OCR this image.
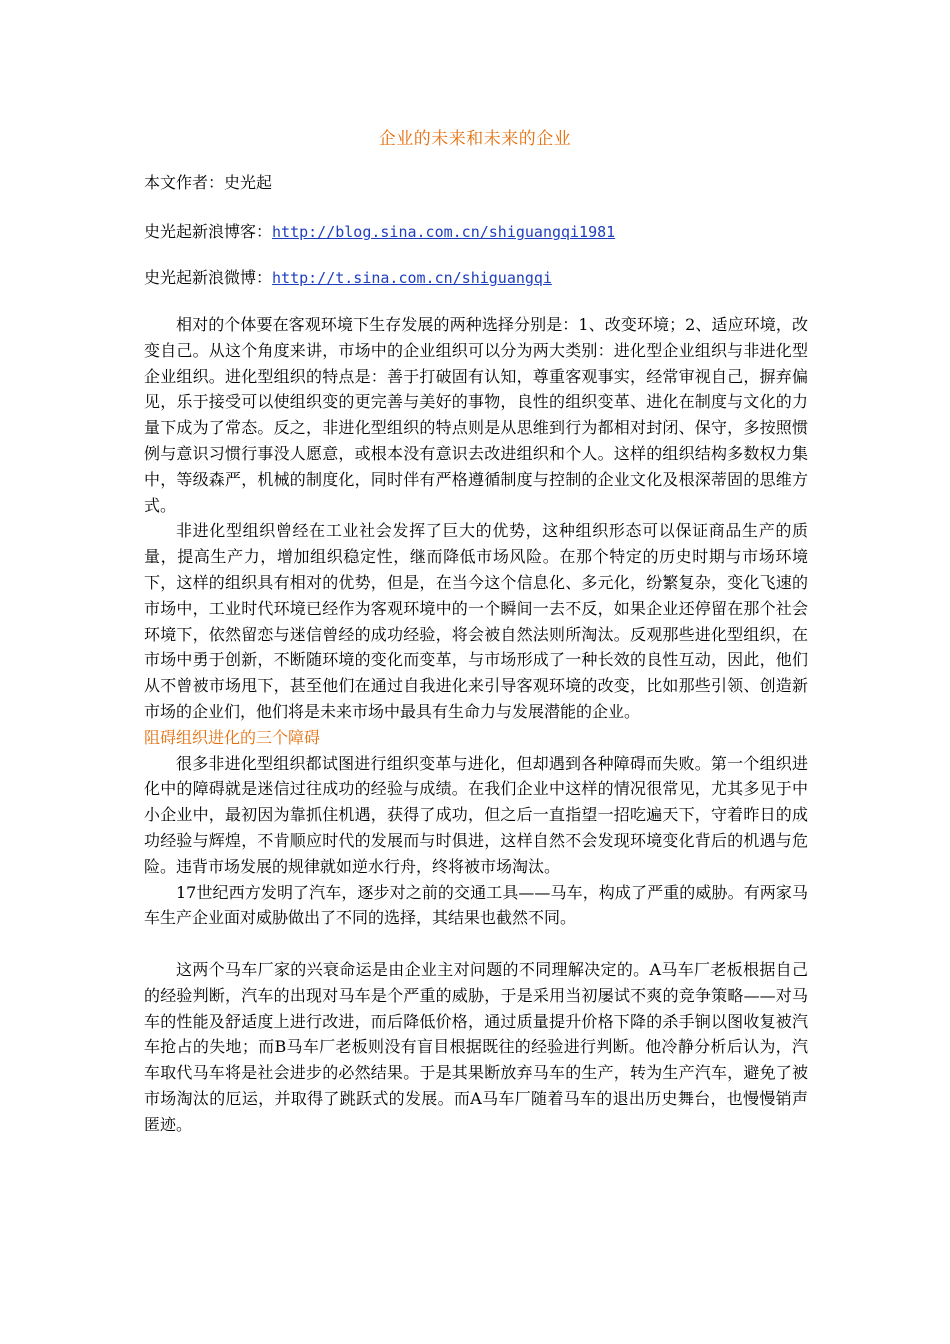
企业的未来和未来的企业
本文作者：史光起
史光起新浪博客：http://blog.sina.com.cn/shiguangqi1981
史光起新浪微博：http://t.sina.com.cn/shiguangqi

相对的个体要在客观环境下生存发展的两种选择分别是：1、改变环境；2、适应环境，改变自己。从这个角度来讲，市场中的企业组织可以分为两大类别：进化型企业组织与非进化型企业组织。进化型组织的特点是：善于打破固有认知，尊重客观事实，经常审视自己，摒弃偏见，乐于接受可以使组织变的更完善与美好的事物，良性的组织变革、进化在制度与文化的力量下成为了常态。反之，非进化型组织的特点则是从思维到行为都相对封闭、保守，多按照惯例与意识习惯行事没人愿意，或根本没有意识去改进组织和个人。这样的组织结构多数权力集中，等级森严，机械的制度化，同时伴有严格遵循制度与控制的企业文化及根深蒂固的思维方式。

非进化型组织曾经在工业社会发挥了巨大的优势，这种组织形态可以保证商品生产的质量，提高生产力，增加组织稳定性，继而降低市场风险。在那个特定的历史时期与市场环境下，这样的组织具有相对的优势，但是，在当今这个信息化、多元化，纷繁复杂，变化飞速的市场中，工业时代环境已经作为客观环境中的一个瞬间一去不反，如果企业还停留在那个社会环境下，依然留恋与迷信曾经的成功经验，将会被自然法则所淘汰。反观那些进化型组织，在市场中勇于创新，不断随环境的变化而变革，与市场形成了一种长效的良性互动，因此，他们从不曾被市场甩下，甚至他们在通过自我进化来引导客观环境的改变，比如那些引领、创造新市场的企业们，他们将是未来市场中最具有生命力与发展潜能的企业。

阻碍组织进化的三个障碍

很多非进化型组织都试图进行组织变革与进化，但却遇到各种障碍而失败。第一个组织进化中的障碍就是迷信过往成功的经验与成绩。在我们企业中这样的情况很常见，尤其多见于中小企业中，最初因为靠抓住机遇，获得了成功，但之后一直指望一招吃遍天下，守着昨日的成功经验与辉煌，不肯顺应时代的发展而与时俱进，这样自然不会发现环境变化背后的机遇与危险。违背市场发展的规律就如逆水行舟，终将被市场淘汰。

17世纪西方发明了汽车，逐步对之前的交通工具——马车，构成了严重的威胁。有两家马车生产企业面对威胁做出了不同的选择，其结果也截然不同。

这两个马车厂家的兴衰命运是由企业主对问题的不同理解决定的。A马车厂老板根据自己的经验判断，汽车的出现对马车是个严重的威胁，于是采用当初屡试不爽的竞争策略——对马车的性能及舒适度上进行改进，而后降低价格，通过质量提升价格下降的杀手锏以图收复被汽车抢占的失地；而B马车厂老板则没有盲目根据既往的经验进行判断。他冷静分析后认为，汽车取代马车将是社会进步的必然结果。于是其果断放弃马车的生产，转为生产汽车，避免了被市场淘汰的厄运，并取得了跳跃式的发展。而A马车厂随着马车的退出历史舞台，也慢慢销声匿迹。
